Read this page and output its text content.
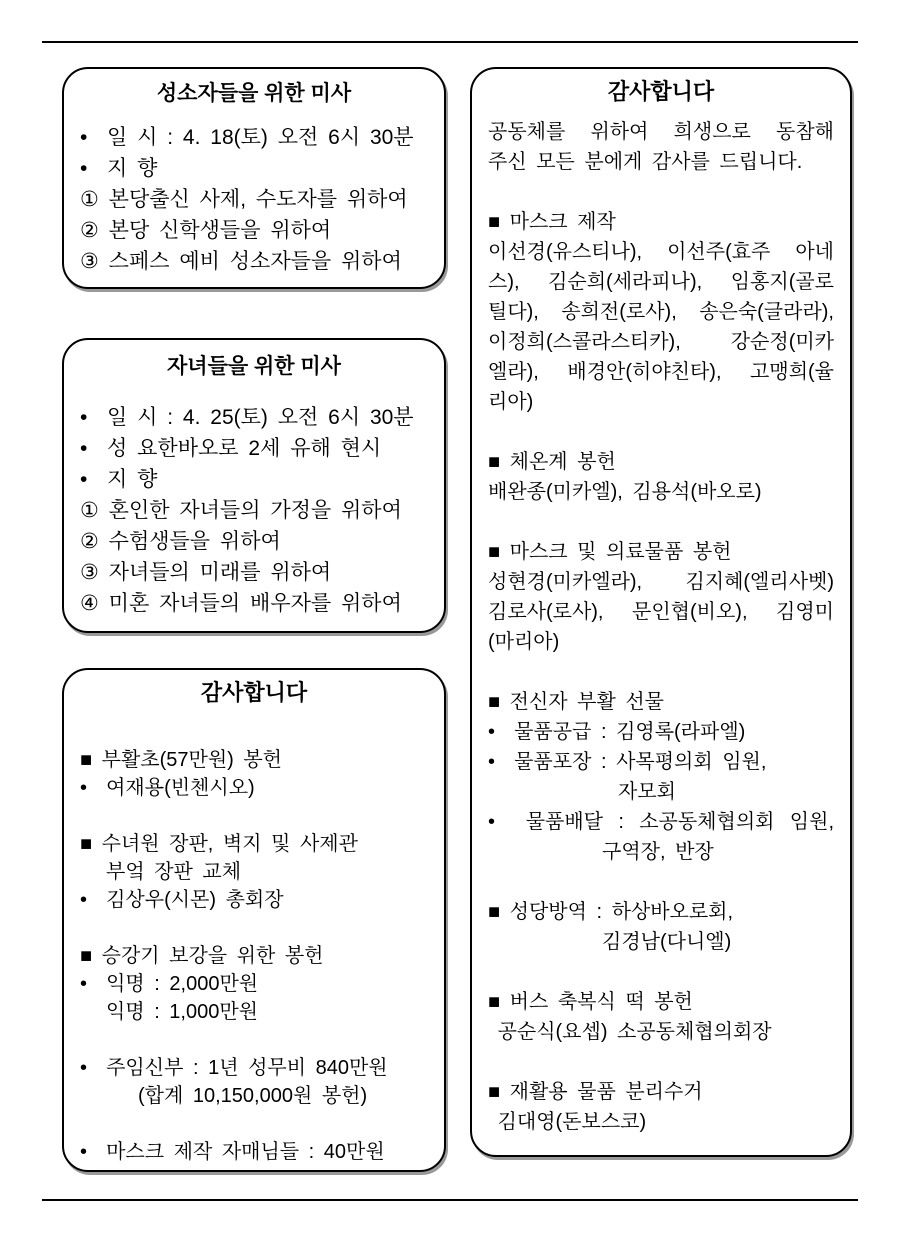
성소자들을 위한 미사
•  일 시 : 4. 18(토) 오전 6시 30분
•  지 향
① 본당출신 사제, 수도자를 위하여
② 본당 신학생들을 위하여
③ 스페스 예비 성소자들을 위하여
자녀들을 위한 미사
•  일 시 : 4. 25(토) 오전 6시 30분
•  성 요한바오로 2세 유해 현시
•  지 향
① 혼인한 자녀들의 가정을 위하여
② 수험생들을 위하여
③ 자녀들의 미래를 위하여
④ 미혼 자녀들의 배우자를 위하여
감사합니다
■ 부활초(57만원) 봉헌
•  여재용(빈첸시오)
■ 수녀원 장판, 벽지 및 사제관
부엌 장판 교체
•  김상우(시몬) 총회장
■ 승강기 보강을 위한 봉헌
•  익명 : 2,000만원
익명 : 1,000만원
•  주임신부 : 1년 성무비 840만원
(합계 10,150,000원 봉헌)
•  마스크 제작 자매님들 : 40만원
감사합니다
공동체를 위하여 희생으로 동참해
주신 모든 분에게 감사를 드립니다.
■ 마스크 제작
이선경(유스티나), 이선주(효주 아네
스), 김순희(세라피나), 임홍지(골로
틸다), 송희전(로사), 송은숙(글라라),
이정희(스콜라스티카), 강순정(미카
엘라), 배경안(히야친타), 고맹희(율
리아)
■ 체온계 봉헌
배완종(미카엘), 김용석(바오로)
■ 마스크 및 의료물품 봉헌
성현경(미카엘라), 김지혜(엘리사벳)
김로사(로사), 문인협(비오), 김영미
(마리아)
■ 전신자 부활 선물
•  물품공급 : 김영록(라파엘)
•  물품포장 : 사목평의회 임원,
자모회
•  물품배달 : 소공동체협의회 임원,
구역장, 반장
■ 성당방역 : 하상바오로회,
김경남(다니엘)
■ 버스 축복식 떡 봉헌
공순식(요셉) 소공동체협의회장
■ 재활용 물품 분리수거
김대영(돈보스코)
